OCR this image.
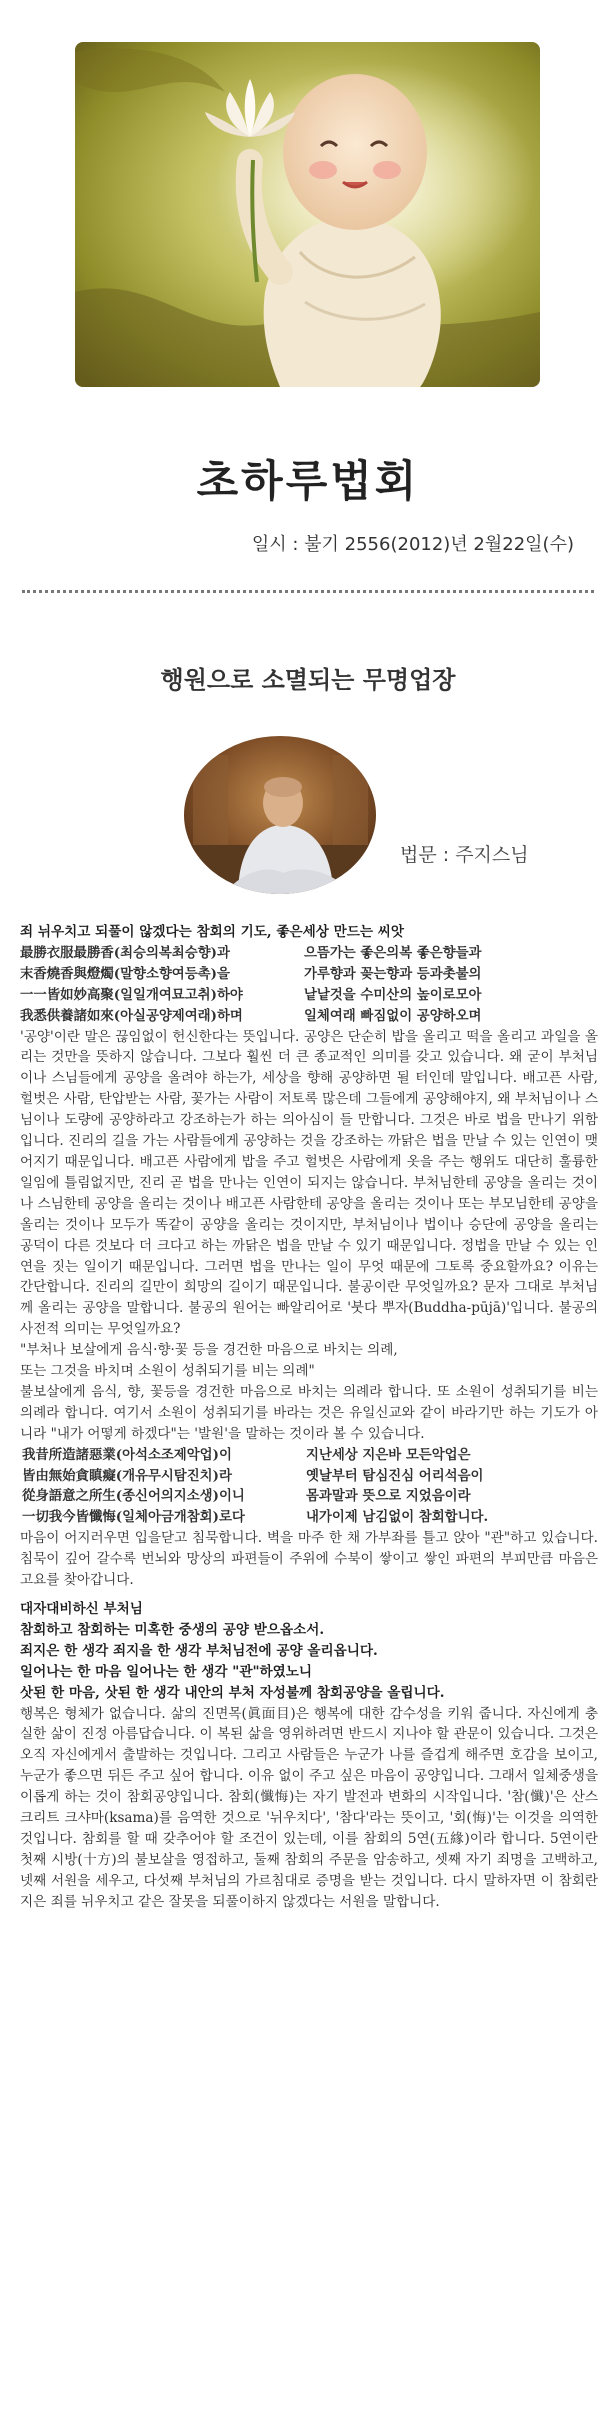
초하루법회
일시 : 불기 2556(2012)년 2월22일(수)
행원으로 소멸되는 무명업장
법문 : 주지스님

죄 뉘우치고 되풀이 않겠다는 참회의 기도, 좋은세상 만드는 씨앗

最勝衣服最勝香(최승의복최승향)과	으뜸가는 좋은의복 좋은향들과
末香燒香與燈燭(말향소향여등촉)을	가루향과 꽂는향과 등과촛불의
一一皆如妙高聚(일일개여묘고취)하야	낱낱것을 수미산의 높이로모아
我悉供養諸如來(아실공양제여래)하며	일체여래 빠짐없이 공양하오며

'공양'이란 말은 끊임없이 헌신한다는 뜻입니다. 공양은 단순히 밥을 올리고 떡을 올리고 과일을 올리는 것만을 뜻하지 않습니다. 그보다 훨씬 더 큰 종교적인 의미를 갖고 있습니다. 왜 굳이 부처님이나 스님들에게 공양을 올려야 하는가, 세상을 향해 공양하면 될 터인데 말입니다. 배고픈 사람, 헐벗은 사람, 탄압받는 사람, 꽃가는 사람이 저토록 많은데 그들에게 공양해야지, 왜 부처님이나 스님이나 도량에 공양하라고 강조하는가 하는 의아심이 들 만합니다. 그것은 바로 법을 만나기 위함입니다. 진리의 길을 가는 사람들에게 공양하는 것을 강조하는 까닭은 법을 만날 수 있는 인연이 맺어지기 때문입니다. 배고픈 사람에게 밥을 주고 헐벗은 사람에게 옷을 주는 행위도 대단히 훌륭한 일임에 틀림없지만, 진리 곧 법을 만나는 인연이 되지는 않습니다. 부처님한테 공양을 올리는 것이나 스님한테 공양을 올리는 것이나 배고픈 사람한테 공양을 올리는 것이나 또는 부모님한테 공양을 올리는 것이나 모두가 똑같이 공양을 올리는 것이지만, 부처님이나 법이나 승단에 공양을 올리는 공덕이 다른 것보다 더 크다고 하는 까닭은 법을 만날 수 있기 때문입니다. 정법을 만날 수 있는 인연을 짓는 일이기 때문입니다. 그러면 법을 만나는 일이 무엇 때문에 그토록 중요할까요? 이유는 간단합니다. 진리의 길만이 희망의 길이기 때문입니다. 불공이란 무엇일까요? 문자 그대로 부처님께 올리는 공양을 말합니다. 불공의 원어는 빠알리어로 '붓다 뿌자(Buddha-pūjā)'입니다. 불공의 사전적 의미는 무엇일까요?

"부처나 보살에게 음식·향·꽃 등을 경건한 마음으로 바치는 의례,

또는 그것을 바치며 소원이 성취되기를 비는 의례"

불보살에게 음식, 향, 꽃등을 경건한 마음으로 바치는 의례라 합니다. 또 소원이 성취되기를 비는 의례라 합니다. 여기서 소원이 성취되기를 바라는 것은 유일신교와 같이 바라기만 하는 기도가 아니라 "내가 어떻게 하겠다"는 '발원'을 말하는 것이라 볼 수 있습니다.

我昔所造諸惡業(아석소조제악업)이	지난세상 지은바 모든악업은
皆由無始貪瞋癡(개유무시탐진치)라	옛날부터 탐심진심 어리석음이
從身語意之所生(종신어의지소생)이니	몸과말과 뜻으로 지었음이라
一切我今皆懺悔(일체아금개참회)로다	내가이제 남김없이 참회합니다.

마음이 어지러우면 입을닫고 침묵합니다. 벽을 마주 한 채 가부좌를 틀고 앉아 "관"하고 있습니다. 침묵이 깊어 갈수록 번뇌와 망상의 파편들이 주위에 수북이 쌓이고 쌓인 파편의 부피만큼 마음은 고요를 찾아갑니다.

대자대비하신 부처님

참회하고 참회하는 미혹한 중생의 공양 받으옵소서.

죄지은 한 생각 죄지을 한 생각 부처님전에 공양 올리옵니다.

일어나는 한 마음 일어나는 한 생각 "관"하였노니

삿된 한 마음, 삿된 한 생각 내안의 부처 자성불께 참회공양을 올립니다.

행복은 형체가 없습니다. 삶의 진면목(眞面目)은 행복에 대한 감수성을 키워 줍니다. 자신에게 충실한 삶이 진정 아름답습니다. 이 복된 삶을 영위하려면 반드시 지나야 할 관문이 있습니다. 그것은 오직 자신에게서 출발하는 것입니다. 그리고 사람들은 누군가 나를 즐겁게 해주면 호감을 보이고, 누군가 좋으면 뒤든 주고 싶어 합니다. 이유 없이 주고 싶은 마음이 공양입니다. 그래서 일체중생을 이롭게 하는 것이 참회공양입니다. 참회(懺悔)는 자기 발전과 변화의 시작입니다. '참(懺)'은 산스크리트 크샤마(ksama)를 음역한 것으로 '뉘우치다', '참다'라는 뜻이고, '회(悔)'는 이것을 의역한 것입니다. 참회를 할 때 갖추어야 할 조건이 있는데, 이를 참회의 5연(五緣)이라 합니다. 5연이란 첫째 시방(十方)의 불보살을 영접하고, 둘째 참회의 주문을 암송하고, 셋째 자기 죄명을 고백하고, 넷째 서원을 세우고, 다섯째 부처님의 가르침대로 증명을 받는 것입니다. 다시 말하자면 이 참회란 지은 죄를 뉘우치고 같은 잘못을 되풀이하지 않겠다는 서원을 말합니다.
